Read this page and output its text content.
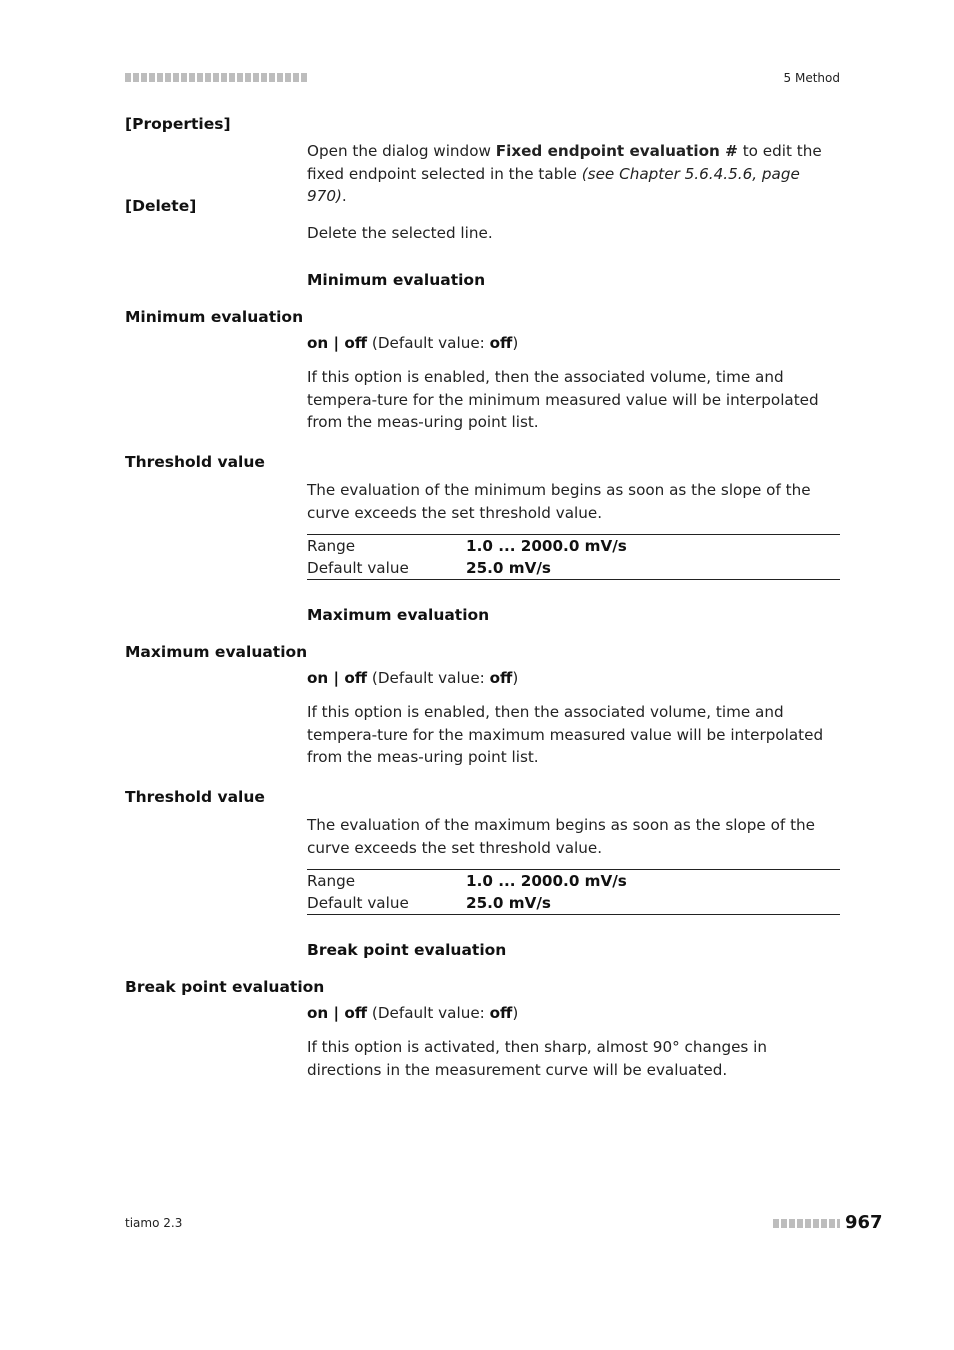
5 Method
[Properties]
Open the dialog window Fixed endpoint evaluation # to edit the fixed endpoint selected in the table (see Chapter 5.6.4.5.6, page 970).
[Delete]
Delete the selected line.
Minimum evaluation
Minimum evaluation
on | off (Default value: off)
If this option is enabled, then the associated volume, time and tempera-ture for the minimum measured value will be interpolated from the meas-uring point list.
Threshold value
The evaluation of the minimum begins as soon as the slope of the curve exceeds the set threshold value.
Range	1.0 ... 2000.0 mV/s
Default value	25.0 mV/s
Maximum evaluation
Maximum evaluation
on | off (Default value: off)
If this option is enabled, then the associated volume, time and tempera-ture for the maximum measured value will be interpolated from the meas-uring point list.
Threshold value
The evaluation of the maximum begins as soon as the slope of the curve exceeds the set threshold value.
Range	1.0 ... 2000.0 mV/s
Default value	25.0 mV/s
Break point evaluation
Break point evaluation
on | off (Default value: off)
If this option is activated, then sharp, almost 90° changes in directions in the measurement curve will be evaluated.
tiamo 2.3	967
